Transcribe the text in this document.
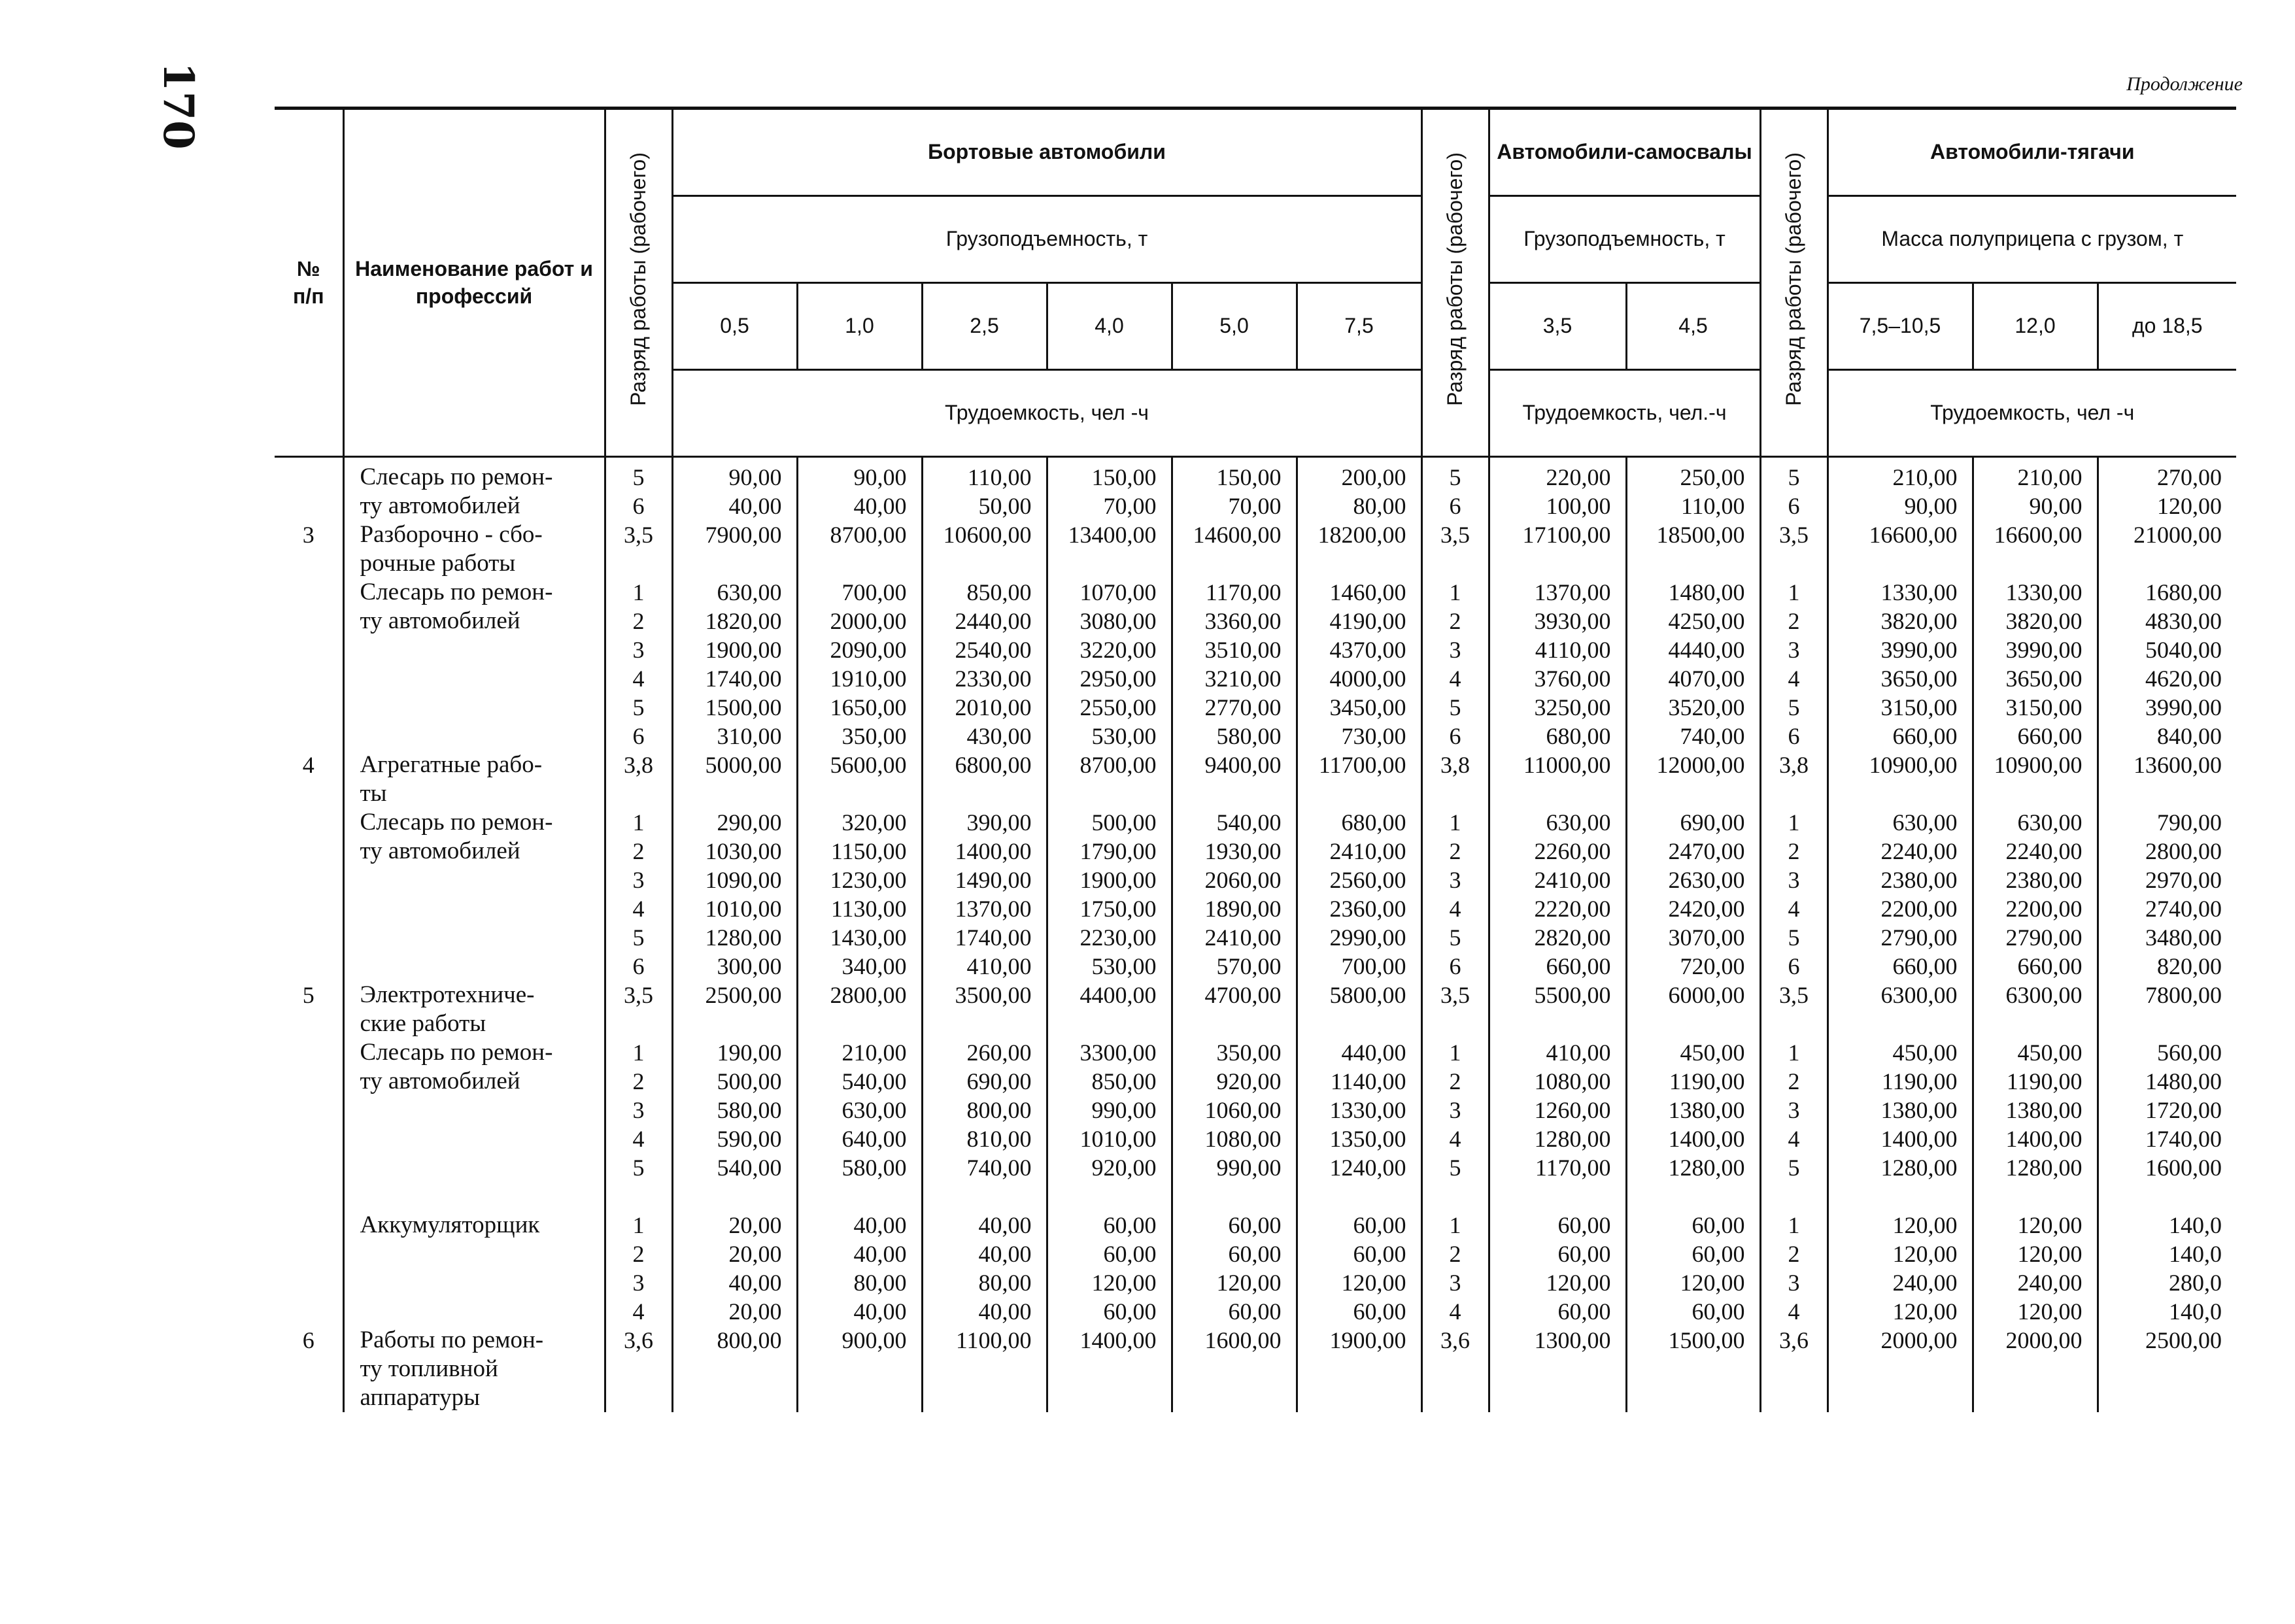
170	Продолжение
№
п/п	Наименование работ и профессий	Разряд работы (рабочего)	Бортовые автомобили						Разряд работы (рабочего)	Автомобили-самосвалы		Разряд работы (рабочего)	Автомобили-тягачи		
			Грузоподъемность, т							Грузоподъемность, т			Масса полуприцепа с грузом, т		
			0,5	1,0	2,5	4,0	5,0	7,5		3,5	4,5		7,5–10,5	12,0	до 18,5
			Трудоемкость, чел -ч							Трудоемкость, чел.-ч			Трудоемкость, чел -ч		
	Слесарь по ремон-	5	90,00	90,00	110,00	150,00	150,00	200,00	5	220,00	250,00	5	210,00	210,00	270,00
	ту автомобилей	6	40,00	40,00	50,00	70,00	70,00	80,00	6	100,00	110,00	6	90,00	90,00	120,00
3	Разборочно - сбо-	3,5	7900,00	8700,00	10600,00	13400,00	14600,00	18200,00	3,5	17100,00	18500,00	3,5	16600,00	16600,00	21000,00
	рочные работы														
	Слесарь по ремон-	1	630,00	700,00	850,00	1070,00	1170,00	1460,00	1	1370,00	1480,00	1	1330,00	1330,00	1680,00
	ту автомобилей	2	1820,00	2000,00	2440,00	3080,00	3360,00	4190,00	2	3930,00	4250,00	2	3820,00	3820,00	4830,00
		3	1900,00	2090,00	2540,00	3220,00	3510,00	4370,00	3	4110,00	4440,00	3	3990,00	3990,00	5040,00
		4	1740,00	1910,00	2330,00	2950,00	3210,00	4000,00	4	3760,00	4070,00	4	3650,00	3650,00	4620,00
		5	1500,00	1650,00	2010,00	2550,00	2770,00	3450,00	5	3250,00	3520,00	5	3150,00	3150,00	3990,00
		6	310,00	350,00	430,00	530,00	580,00	730,00	6	680,00	740,00	6	660,00	660,00	840,00
4	Агрегатные рабо-	3,8	5000,00	5600,00	6800,00	8700,00	9400,00	11700,00	3,8	11000,00	12000,00	3,8	10900,00	10900,00	13600,00
	ты														
	Слесарь по ремон-	1	290,00	320,00	390,00	500,00	540,00	680,00	1	630,00	690,00	1	630,00	630,00	790,00
	ту автомобилей	2	1030,00	1150,00	1400,00	1790,00	1930,00	2410,00	2	2260,00	2470,00	2	2240,00	2240,00	2800,00
		3	1090,00	1230,00	1490,00	1900,00	2060,00	2560,00	3	2410,00	2630,00	3	2380,00	2380,00	2970,00
		4	1010,00	1130,00	1370,00	1750,00	1890,00	2360,00	4	2220,00	2420,00	4	2200,00	2200,00	2740,00
		5	1280,00	1430,00	1740,00	2230,00	2410,00	2990,00	5	2820,00	3070,00	5	2790,00	2790,00	3480,00
		6	300,00	340,00	410,00	530,00	570,00	700,00	6	660,00	720,00	6	660,00	660,00	820,00
5	Электротехниче-	3,5	2500,00	2800,00	3500,00	4400,00	4700,00	5800,00	3,5	5500,00	6000,00	3,5	6300,00	6300,00	7800,00
	ские работы														
	Слесарь по ремон-	1	190,00	210,00	260,00	3300,00	350,00	440,00	1	410,00	450,00	1	450,00	450,00	560,00
	ту автомобилей	2	500,00	540,00	690,00	850,00	920,00	1140,00	2	1080,00	1190,00	2	1190,00	1190,00	1480,00
		3	580,00	630,00	800,00	990,00	1060,00	1330,00	3	1260,00	1380,00	3	1380,00	1380,00	1720,00
		4	590,00	640,00	810,00	1010,00	1080,00	1350,00	4	1280,00	1400,00	4	1400,00	1400,00	1740,00
		5	540,00	580,00	740,00	920,00	990,00	1240,00	5	1170,00	1280,00	5	1280,00	1280,00	1600,00

	Аккумуляторщик	1	20,00	40,00	40,00	60,00	60,00	60,00	1	60,00	60,00	1	120,00	120,00	140,0
		2	20,00	40,00	40,00	60,00	60,00	60,00	2	60,00	60,00	2	120,00	120,00	140,0
		3	40,00	80,00	80,00	120,00	120,00	120,00	3	120,00	120,00	3	240,00	240,00	280,0
		4	20,00	40,00	40,00	60,00	60,00	60,00	4	60,00	60,00	4	120,00	120,00	140,0
6	Работы по ремон-	3,6	800,00	900,00	1100,00	1400,00	1600,00	1900,00	3,6	1300,00	1500,00	3,6	2000,00	2000,00	2500,00
	ту топливной														
	аппаратуры														
